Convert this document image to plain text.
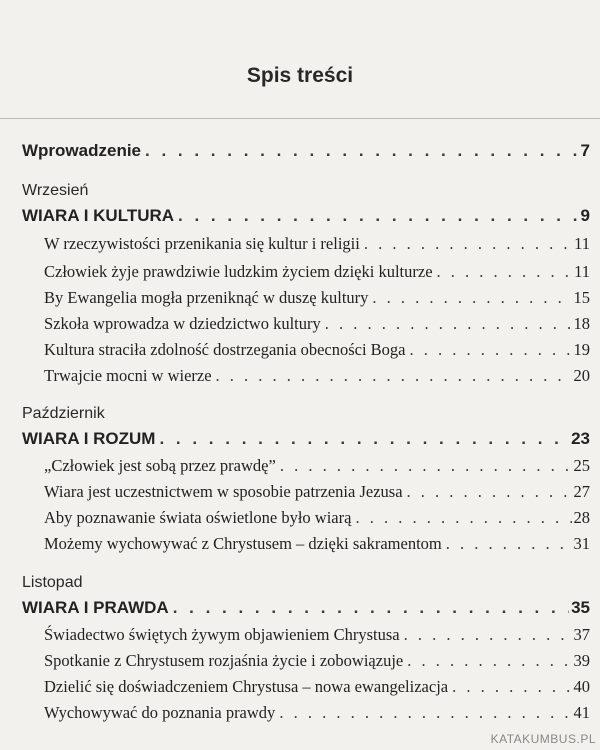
Spis treści
Wprowadzenie . . .	7
Wrzesień
WIARA I KULTURA . . .	9
W rzeczywistości przenikania się kultur i religii . . .	11
Człowiek żyje prawdziwie ludzkim życiem dzięki kulturze . . .	11
By Ewangelia mogła przeniknąć w duszę kultury . . .	15
Szkoła wprowadza w dziedzictwo kultury . . .	18
Kultura straciła zdolność dostrzegania obecności Boga . . .	19
Trwajcie mocni w wierze . . .	20
Październik
WIARA I ROZUM . . .	23
„Człowiek jest sobą przez prawdę” . . .	25
Wiara jest uczestnictwem w sposobie patrzenia Jezusa . . .	27
Aby poznawanie świata oświetlone było wiarą . . .	28
Możemy wychowywać z Chrystusem – dzięki sakramentom . . .	31
Listopad
WIARA I PRAWDA . . .	35
Świadectwo świętych żywym objawieniem Chrystusa . . .	37
Spotkanie z Chrystusem rozjaśnia życie i zobowiązuje . . .	39
Dzielić się doświadczeniem Chrystusa – nowa ewangelizacja . . .	40
Wychowywać do poznania prawdy . . .	41
KATAKUMBUS.PL
